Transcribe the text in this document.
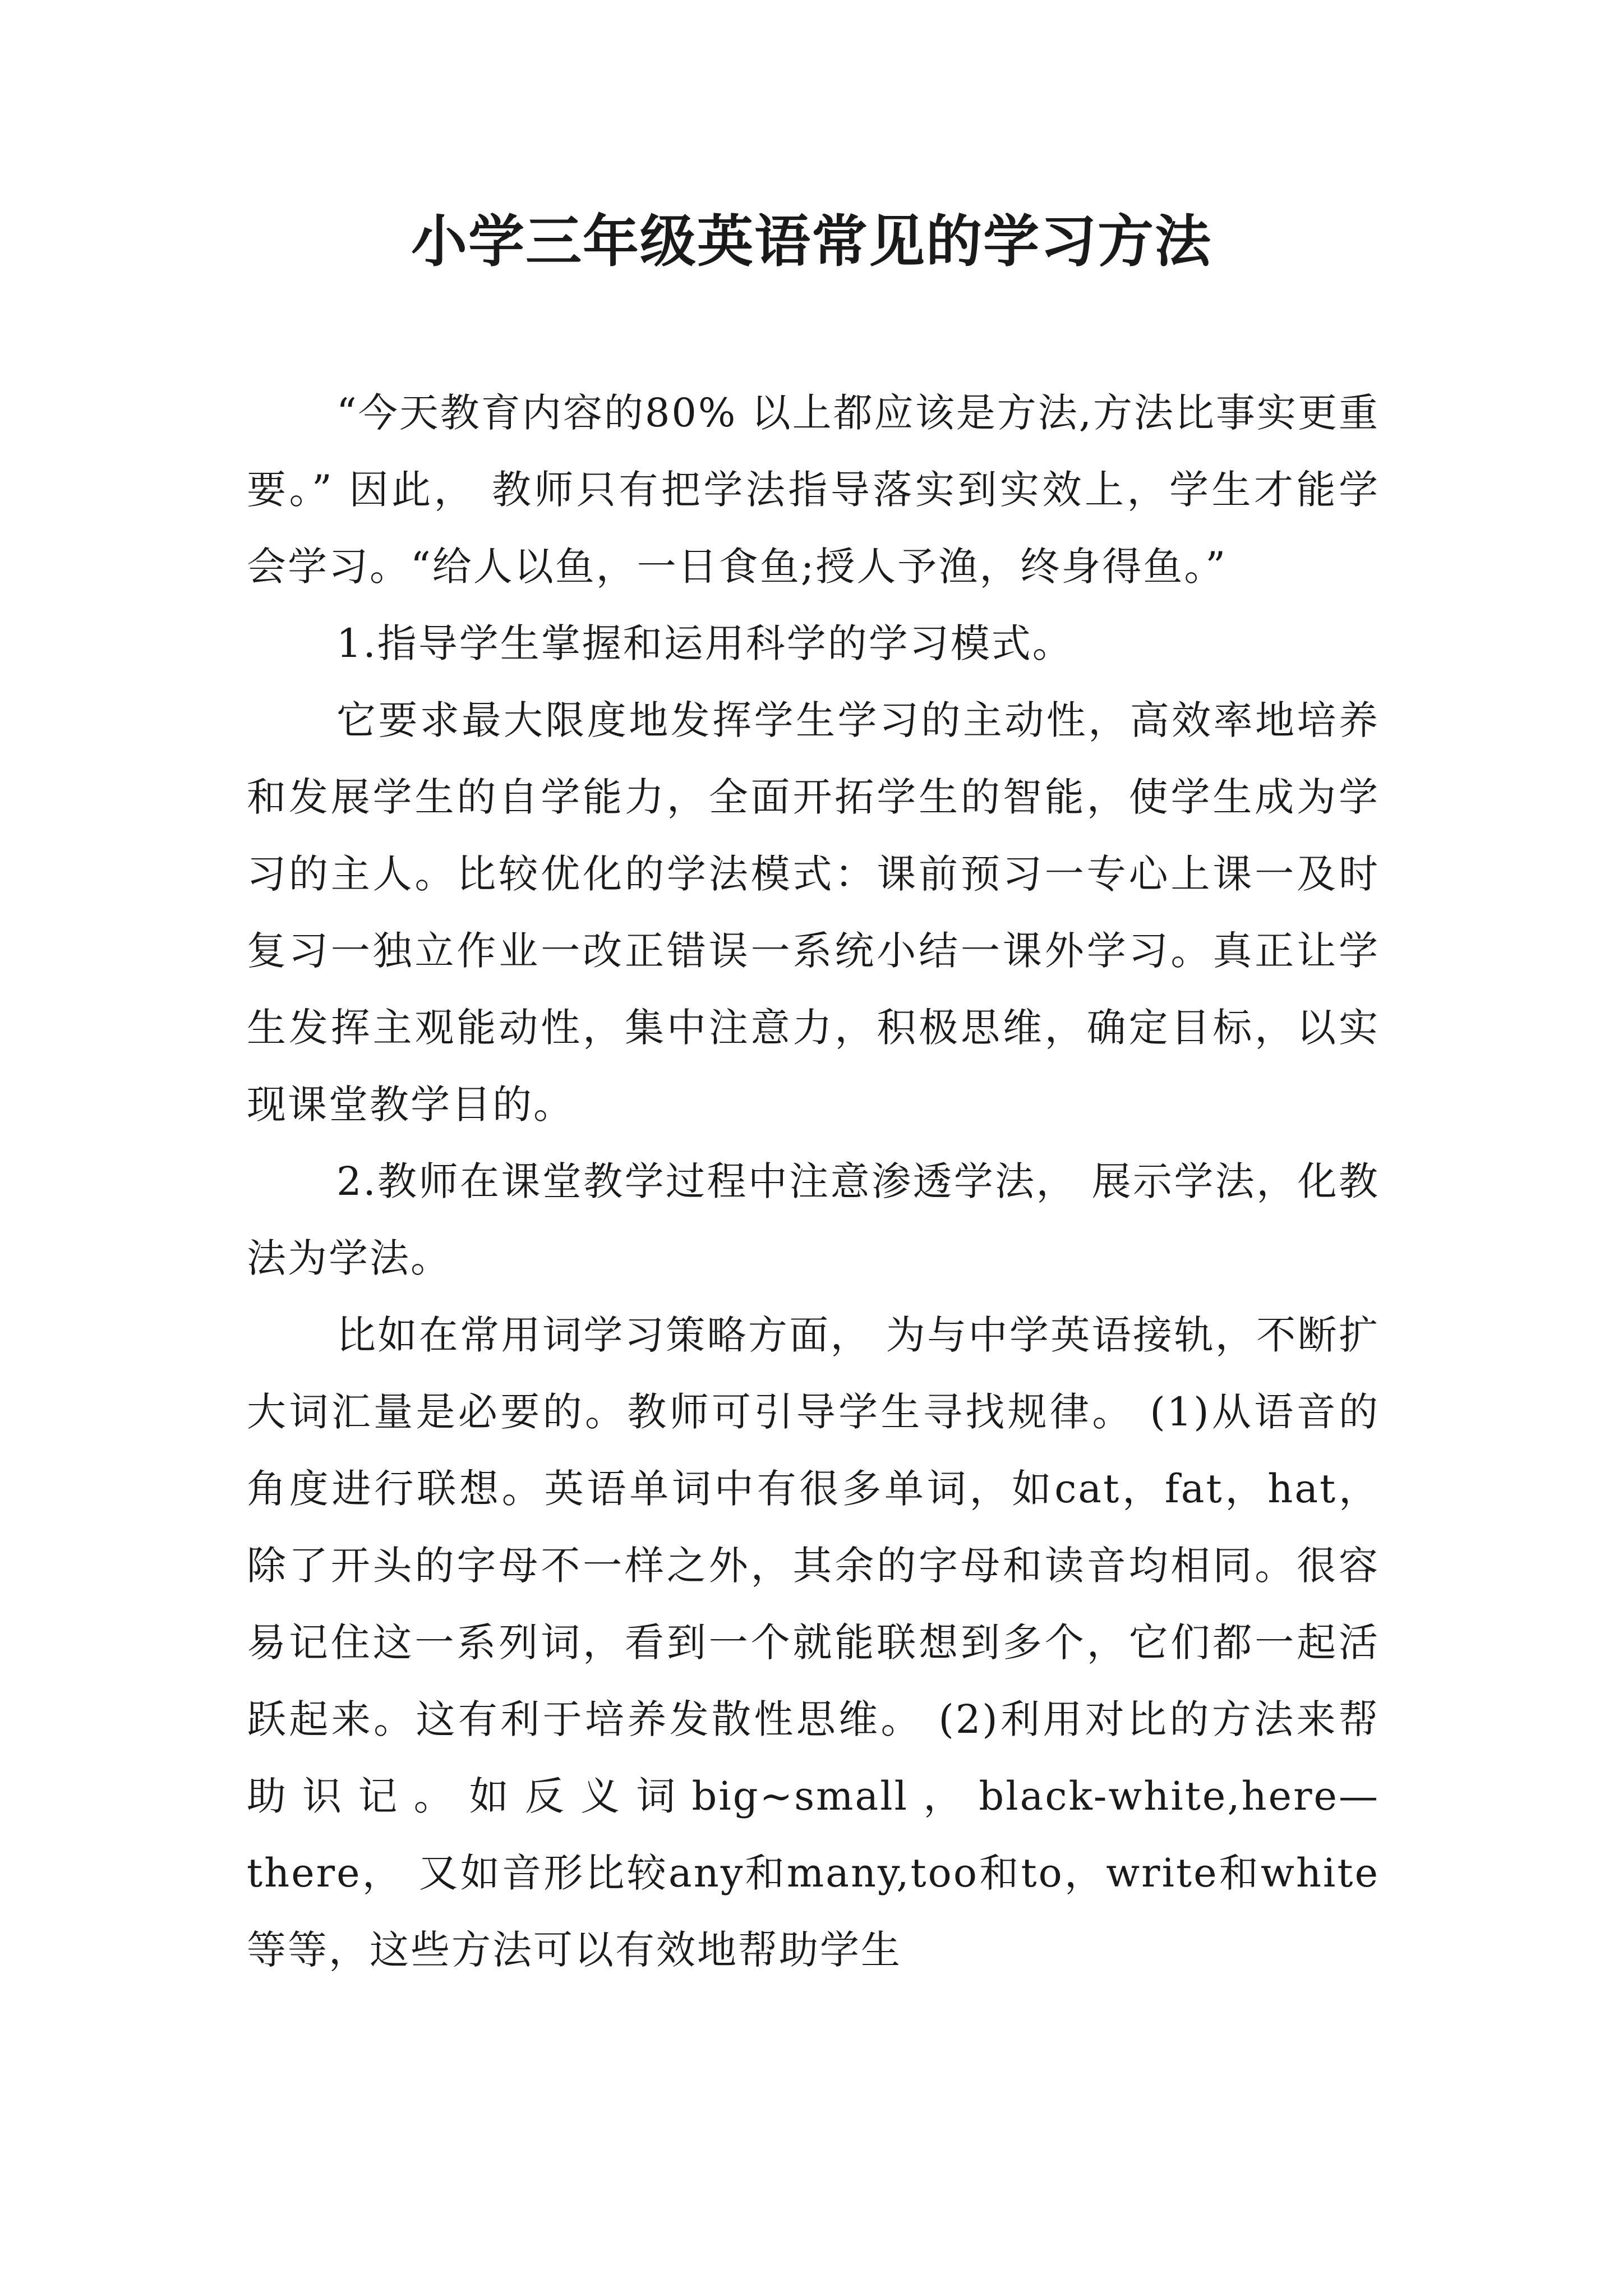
小学三年级英语常见的学习方法

“今天教育内容的80% 以上都应该是方法,方法比事实更重要。” 因此， 教师只有把学法指导落实到实效上，学生才能学会学习。“给人以鱼，一日食鱼;授人予渔，终身得鱼。”

1.指导学生掌握和运用科学的学习模式。

它要求最大限度地发挥学生学习的主动性，高效率地培养和发展学生的自学能力，全面开拓学生的智能，使学生成为学习的主人。比较优化的学法模式：课前预习一专心上课一及时复习一独立作业一改正错误一系统小结一课外学习。真正让学生发挥主观能动性，集中注意力，积极思维，确定目标，以实现课堂教学目的。

2.教师在课堂教学过程中注意渗透学法， 展示学法，化教法为学法。

比如在常用词学习策略方面， 为与中学英语接轨，不断扩大词汇量是必要的。教师可引导学生寻找规律。 (1)从语音的角度进行联想。英语单词中有很多单词，如cat，fat，hat， 除了开头的字母不一样之外，其余的字母和读音均相同。很容易记住这一系列词，看到一个就能联想到多个，它们都一起活跃起来。这有利于培养发散性思维。 (2)利用对比的方法来帮助识记。如反义词big~small，black-white,here—there， 又如音形比较any和many,too和to，write和white等等，这些方法可以有效地帮助学生
